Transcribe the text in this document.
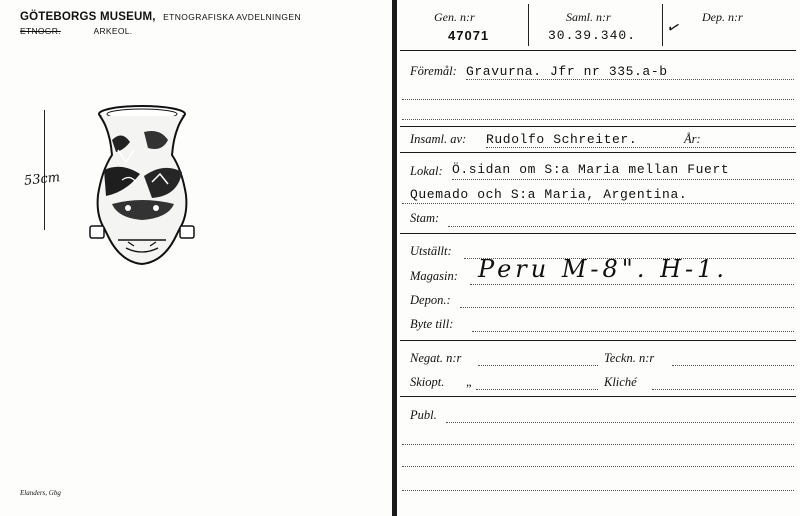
GÖTEBORGS MUSEUM, ETNOGRAFISKA AVDELNINGEN
ETNOGR.	ARKEOL.
53cm
Elanders, Gbg
Gen. n:r
47071
Saml. n:r
30.39.340. ✓
Dep. n:r
Föremål: Gravurna. Jfr nr 335.a-b
Insaml. av: Rudolfo Schreiter.	År:
Lokal: Ö.sidan om S:a Maria mellan Fuert
Quemado och S:a Maria, Argentina.
Stam:
Utställt:
Magasin: Peru M-8". H-1.
Depon.:
Byte till:
Negat. n:r	Teckn. n:r
Skiopt. „	Kliché
Publ.
